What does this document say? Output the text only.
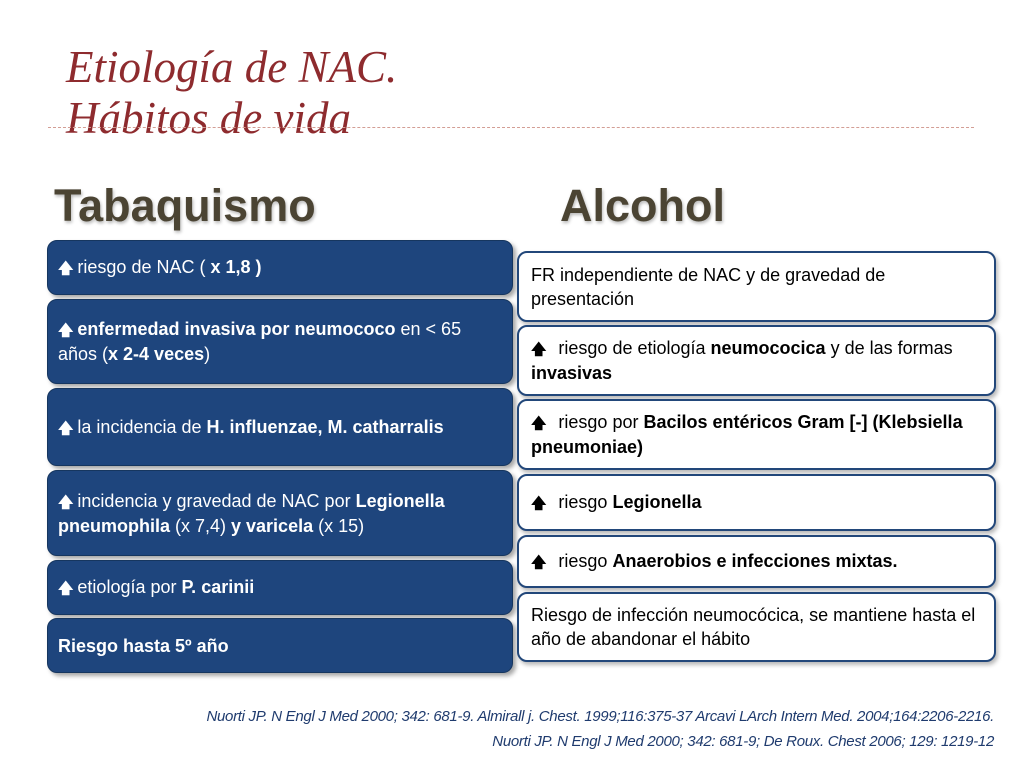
Etiología de NAC.
Hábitos de vida
Tabaquismo	Alcohol
🡅 riesgo de NAC ( x 1,8 )
🡅 enfermedad invasiva por neumococo en < 65 años (x 2-4 veces)
🡅 la incidencia de H. influenzae, M. catharralis
🡅 incidencia y gravedad de NAC por Legionella pneumophila (x 7,4) y varicela (x 15)
🡅 etiología por P. carinii
Riesgo hasta 5º año
FR independiente de NAC y de gravedad de presentación
🡅 riesgo de etiología neumococica y de las formas invasivas
🡅 riesgo por Bacilos entéricos Gram [-] (Klebsiella pneumoniae)
🡅 riesgo Legionella
🡅 riesgo Anaerobios e infecciones mixtas.
Riesgo de infección neumocócica, se mantiene hasta el año de abandonar el hábito

Nuorti JP. N Engl J Med 2000; 342: 681-9. Almirall j. Chest. 1999;116:375-37 Arcavi LArch Intern Med. 2004;164:2206-2216.

Nuorti JP. N Engl J Med 2000; 342: 681-9; De Roux. Chest 2006; 129: 1219-12
